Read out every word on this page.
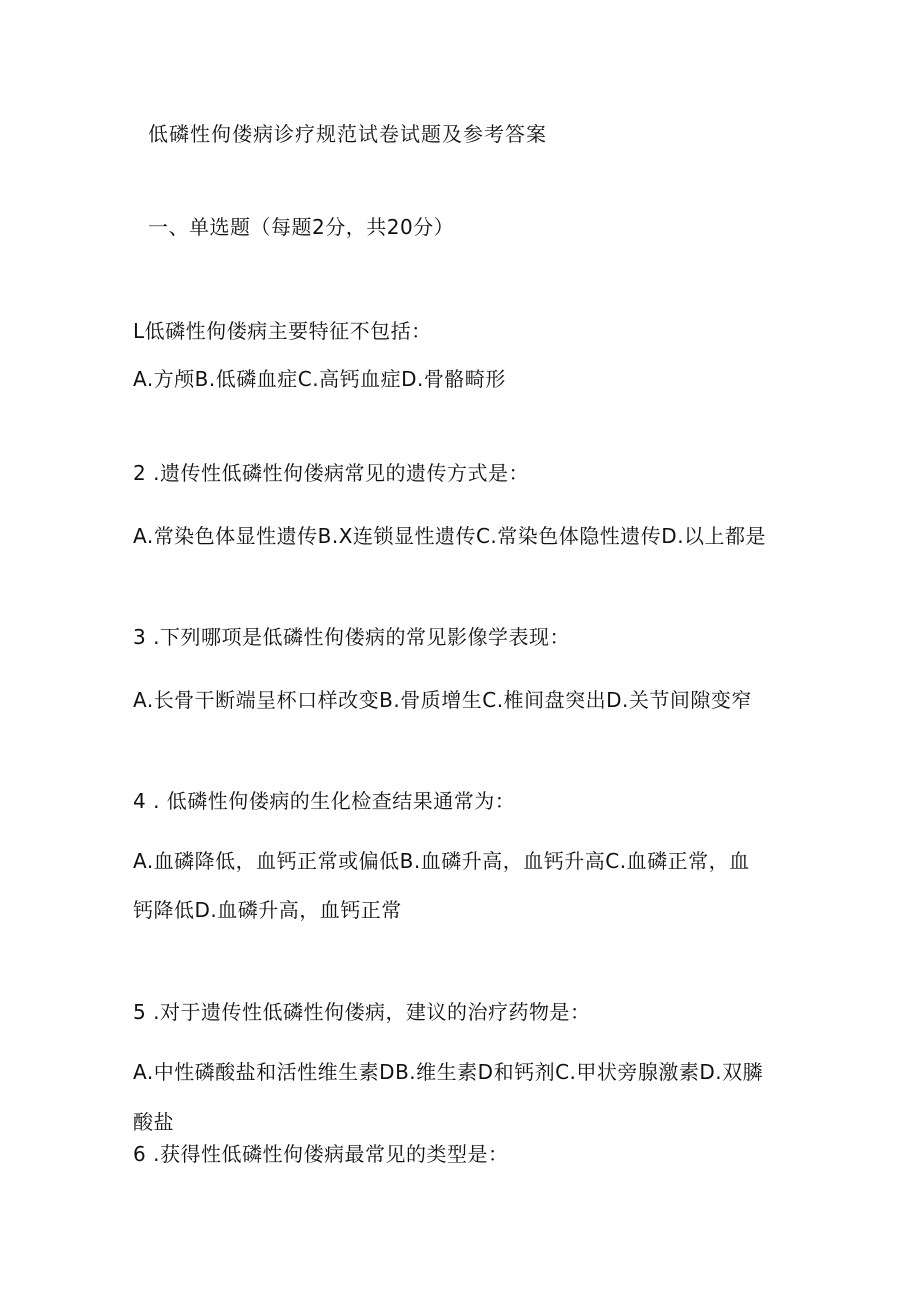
低磷性佝偻病诊疗规范试卷试题及参考答案
一、单选题（每题2分，共20分）
L低磷性佝偻病主要特征不包括：
A.方颅B.低磷血症C.高钙血症D.骨骼畸形
2 .遗传性低磷性佝偻病常见的遗传方式是：
A.常染色体显性遗传B.X连锁显性遗传C.常染色体隐性遗传D.以上都是
3 .下列哪项是低磷性佝偻病的常见影像学表现：
A.长骨干断端呈杯口样改变B.骨质增生C.椎间盘突出D.关节间隙变窄
4 . 低磷性佝偻病的生化检查结果通常为：
A.血磷降低，血钙正常或偏低B.血磷升高，血钙升高C.血磷正常，血
钙降低D.血磷升高，血钙正常
5 .对于遗传性低磷性佝偻病，建议的治疗药物是：
A.中性磷酸盐和活性维生素DB.维生素D和钙剂C.甲状旁腺激素D.双膦
酸盐
6 .获得性低磷性佝偻病最常见的类型是：
